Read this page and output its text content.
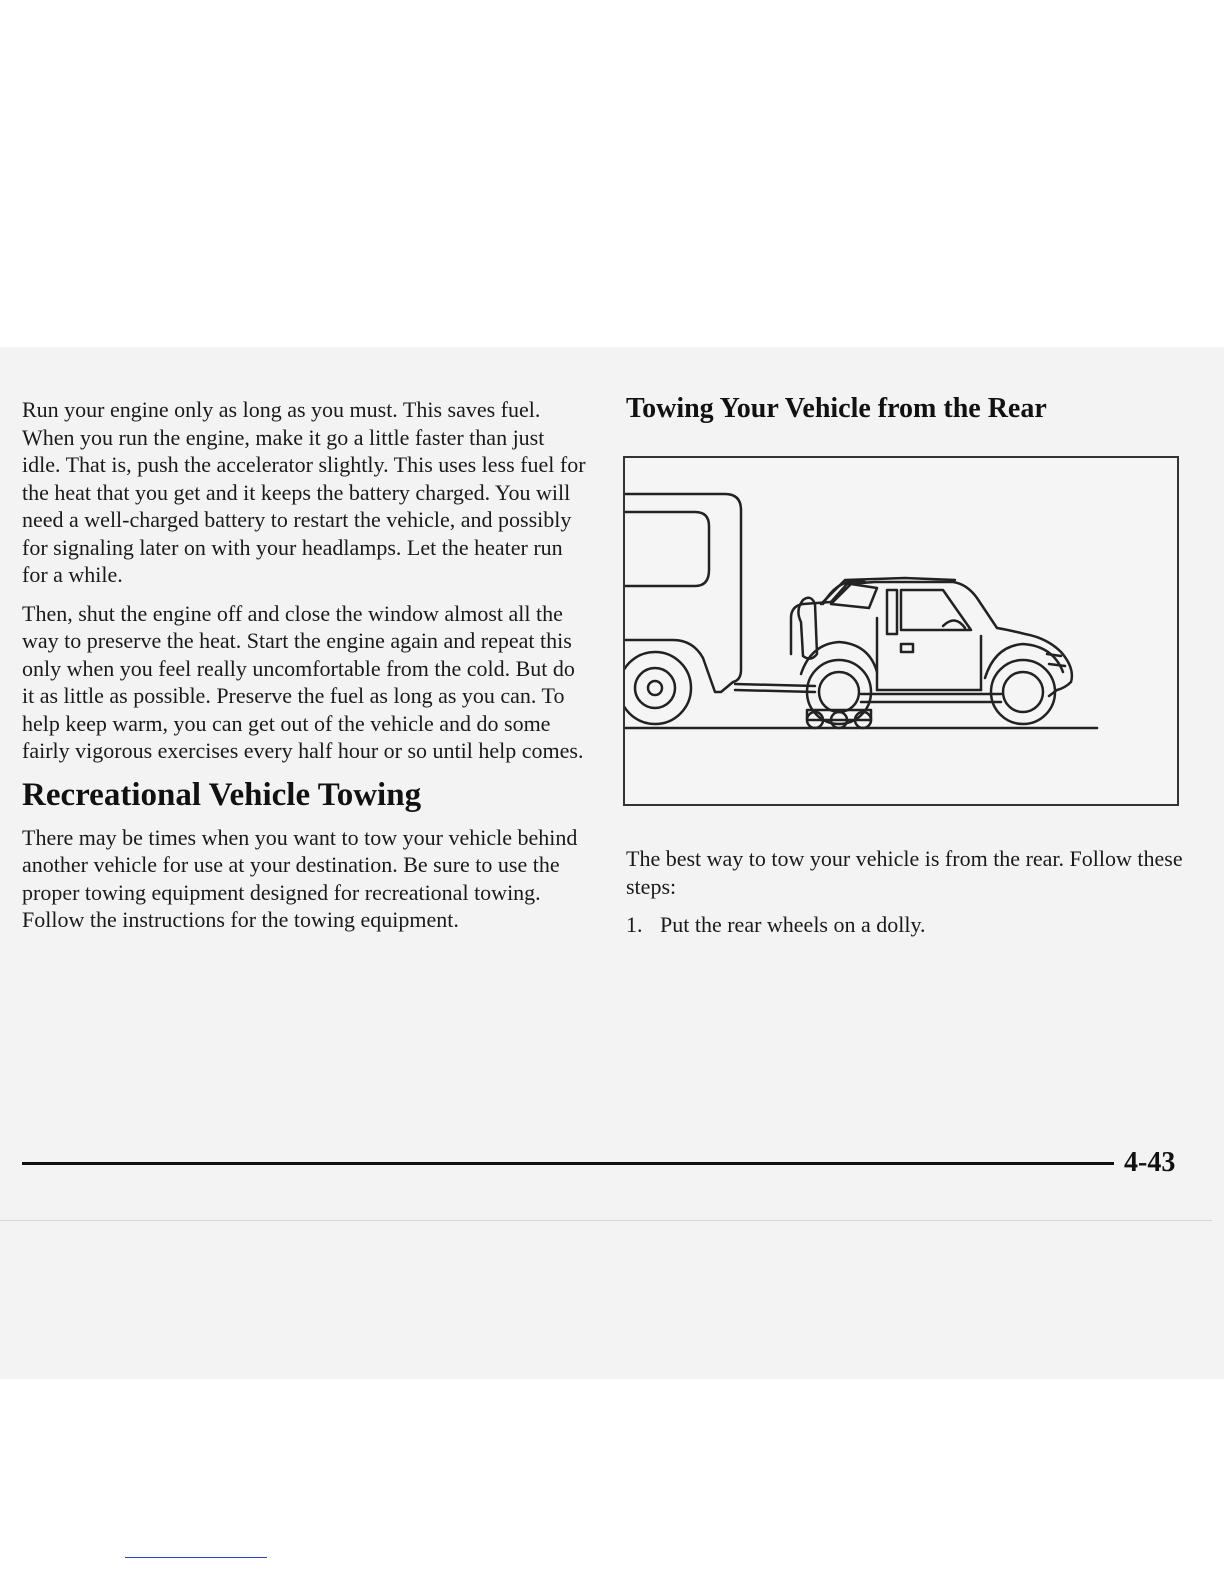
Run your engine only as long as you must. This saves fuel. When you run the engine, make it go a little faster than just idle. That is, push the accelerator slightly. This uses less fuel for the heat that you get and it keeps the battery charged. You will need a well-charged battery to restart the vehicle, and possibly for signaling later on with your headlamps. Let the heater run for a while.

Then, shut the engine off and close the window almost all the way to preserve the heat. Start the engine again and repeat this only when you feel really uncomfortable from the cold. But do it as little as possible. Preserve the fuel as long as you can. To help keep warm, you can get out of the vehicle and do some fairly vigorous exercises every half hour or so until help comes.

Recreational Vehicle Towing

There may be times when you want to tow your vehicle behind another vehicle for use at your destination. Be sure to use the proper towing equipment designed for recreational towing. Follow the instructions for the towing equipment.

Towing Your Vehicle from the Rear

The best way to tow your vehicle is from the rear. Follow these steps:

1. Put the rear wheels on a dolly.
4-43
